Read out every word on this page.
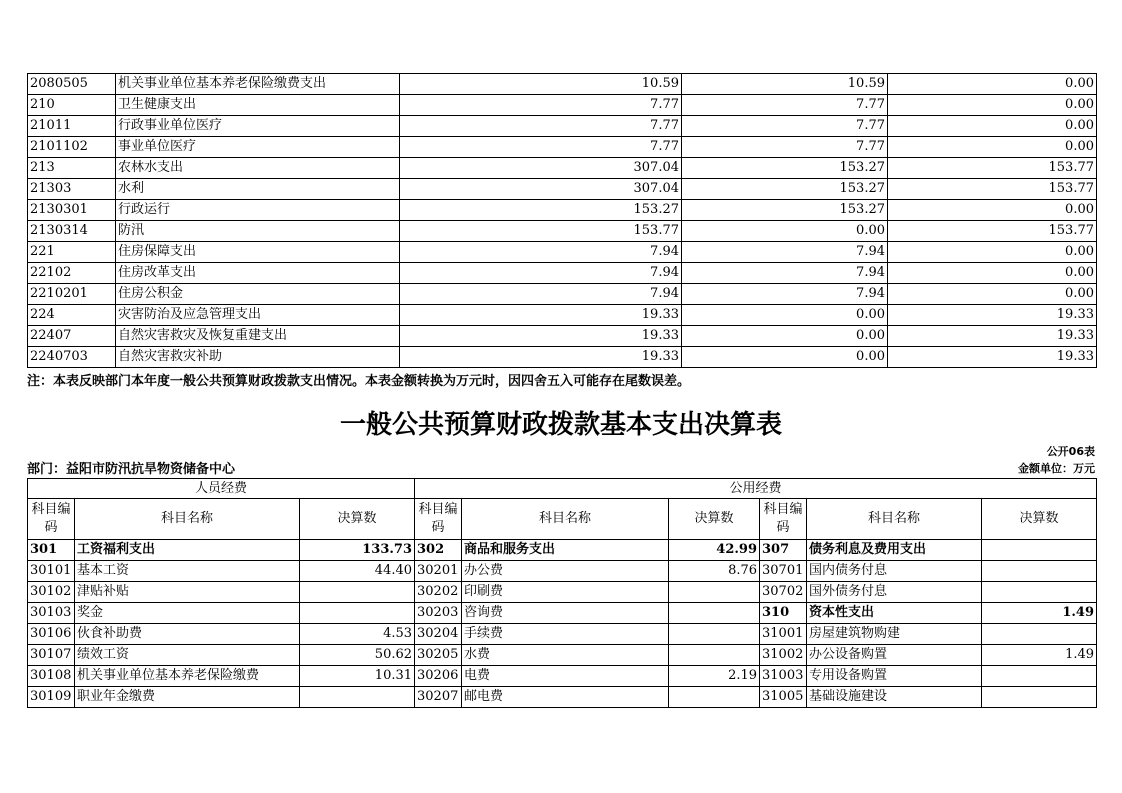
2080505	机关事业单位基本养老保险缴费支出	10.59	10.59	0.00
210	卫生健康支出	7.77	7.77	0.00
21011	行政事业单位医疗	7.77	7.77	0.00
2101102	事业单位医疗	7.77	7.77	0.00
213	农林水支出	307.04	153.27	153.77
21303	水利	307.04	153.27	153.77
2130301	行政运行	153.27	153.27	0.00
2130314	防汛	153.77	0.00	153.77
221	住房保障支出	7.94	7.94	0.00
22102	住房改革支出	7.94	7.94	0.00
2210201	住房公积金	7.94	7.94	0.00
224	灾害防治及应急管理支出	19.33	0.00	19.33
22407	自然灾害救灾及恢复重建支出	19.33	0.00	19.33
2240703	自然灾害救灾补助	19.33	0.00	19.33
注：本表反映部门本年度一般公共预算财政拨款支出情况。本表金额转换为万元时，因四舍五入可能存在尾数误差。
一般公共预算财政拨款基本支出决算表
公开06表
部门：益阳市防汛抗旱物资储备中心	金额单位：万元
人员经费			公用经费					
科目编码	科目名称	决算数	科目编码	科目名称	决算数	科目编码	科目名称	决算数
301	工资福利支出	133.73	302	商品和服务支出	42.99	307	债务利息及费用支出	
30101	基本工资	44.40	30201	办公费	8.76	30701	国内债务付息	
30102	津贴补贴		30202	印刷费		30702	国外债务付息	
30103	奖金		30203	咨询费		310	资本性支出	1.49
30106	伙食补助费	4.53	30204	手续费		31001	房屋建筑物购建	
30107	绩效工资	50.62	30205	水费		31002	办公设备购置	1.49
30108	机关事业单位基本养老保险缴费	10.31	30206	电费	2.19	31003	专用设备购置	
30109	职业年金缴费		30207	邮电费		31005	基础设施建设	
